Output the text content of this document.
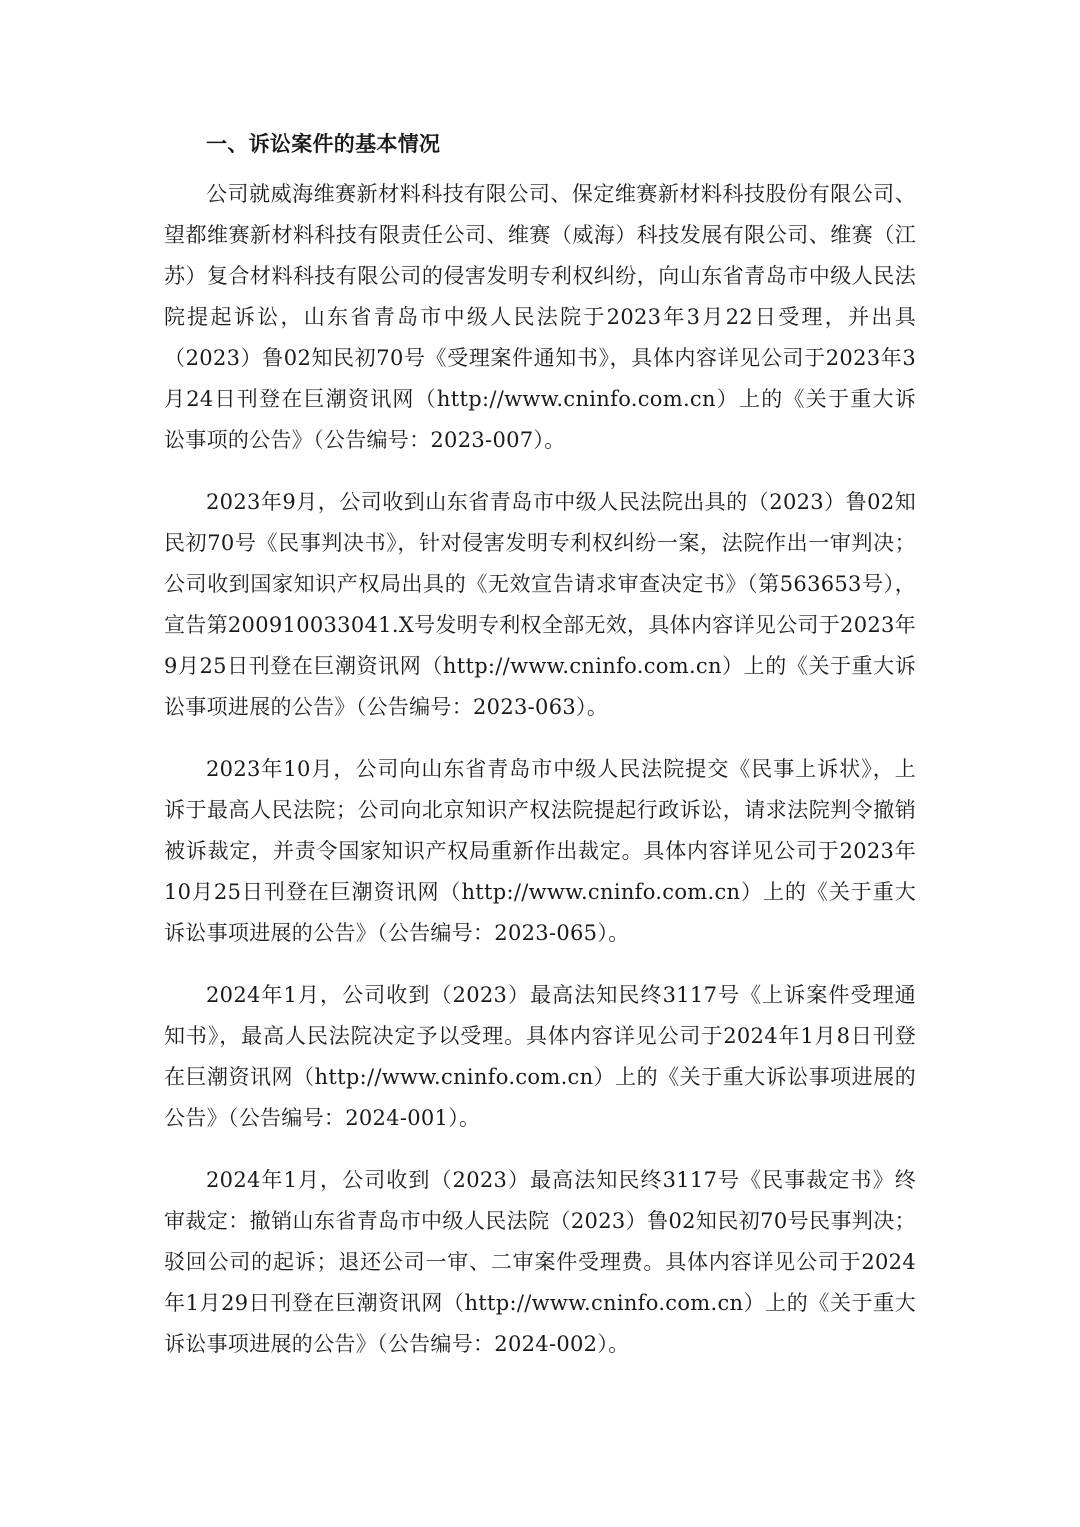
一、诉讼案件的基本情况

公司就威海维赛新材料科技有限公司、保定维赛新材料科技股份有限公司、望都维赛新材料科技有限责任公司、维赛（威海）科技发展有限公司、维赛（江苏）复合材料科技有限公司的侵害发明专利权纠纷，向山东省青岛市中级人民法院提起诉讼，山东省青岛市中级人民法院于2023年3月22日受理，并出具（2023）鲁02知民初70号《受理案件通知书》，具体内容详见公司于2023年3月24日刊登在巨潮资讯网（http://www.cninfo.com.cn）上的《关于重大诉讼事项的公告》（公告编号：2023-007）。

2023年9月，公司收到山东省青岛市中级人民法院出具的（2023）鲁02知民初70号《民事判决书》，针对侵害发明专利权纠纷一案，法院作出一审判决；公司收到国家知识产权局出具的《无效宣告请求审查决定书》（第563653号），宣告第200910033041.X号发明专利权全部无效，具体内容详见公司于2023年9月25日刊登在巨潮资讯网（http://www.cninfo.com.cn）上的《关于重大诉讼事项进展的公告》（公告编号：2023-063）。

2023年10月，公司向山东省青岛市中级人民法院提交《民事上诉状》，上诉于最高人民法院；公司向北京知识产权法院提起行政诉讼，请求法院判令撤销被诉裁定，并责令国家知识产权局重新作出裁定。具体内容详见公司于2023年10月25日刊登在巨潮资讯网（http://www.cninfo.com.cn）上的《关于重大诉讼事项进展的公告》（公告编号：2023-065）。

2024年1月，公司收到（2023）最高法知民终3117号《上诉案件受理通知书》，最高人民法院决定予以受理。具体内容详见公司于2024年1月8日刊登在巨潮资讯网（http://www.cninfo.com.cn）上的《关于重大诉讼事项进展的公告》（公告编号：2024-001）。

2024年1月，公司收到（2023）最高法知民终3117号《民事裁定书》终审裁定：撤销山东省青岛市中级人民法院（2023）鲁02知民初70号民事判决；驳回公司的起诉；退还公司一审、二审案件受理费。具体内容详见公司于2024年1月29日刊登在巨潮资讯网（http://www.cninfo.com.cn）上的《关于重大诉讼事项进展的公告》（公告编号：2024-002）。
